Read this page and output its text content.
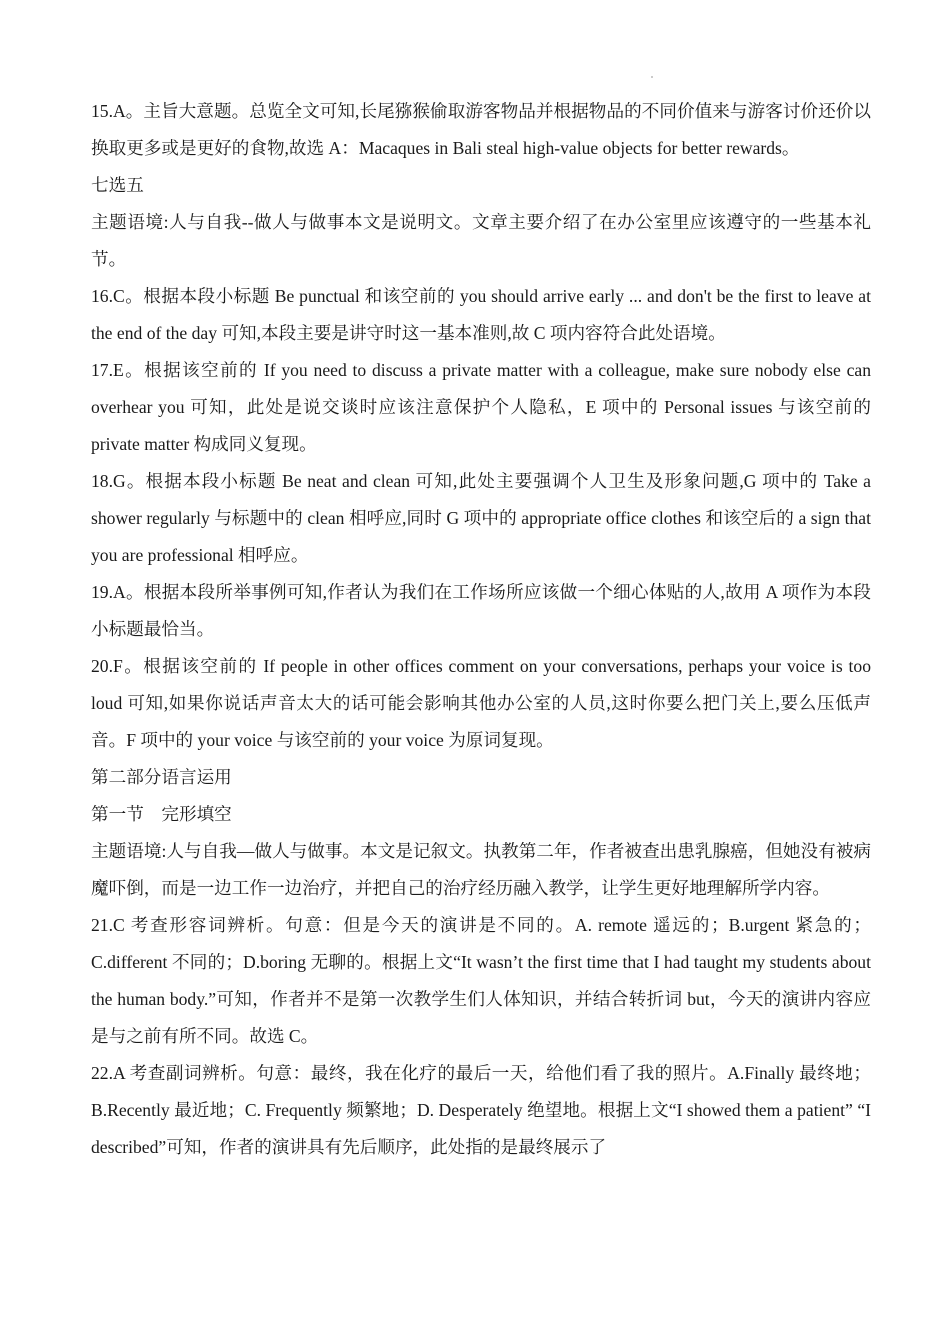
15.A。主旨大意题。总览全文可知,长尾猕猴偷取游客物品并根据物品的不同价值来与游客讨价还价以换取更多或是更好的食物,故选 A：Macaques in Bali steal high-value objects for better rewards。

七选五

主题语境:人与自我--做人与做事本文是说明文。文章主要介绍了在办公室里应该遵守的一些基本礼节。

16.C。根据本段小标题 Be punctual 和该空前的 you should arrive early ... and don't be the first to leave at the end of the day 可知,本段主要是讲守时这一基本准则,故 C 项内容符合此处语境。

17.E。根据该空前的 If you need to discuss a private matter with a colleague, make sure nobody else can overhear you 可知，此处是说交谈时应该注意保护个人隐私，E 项中的 Personal issues 与该空前的 private matter 构成同义复现。

18.G。根据本段小标题 Be neat and clean 可知,此处主要强调个人卫生及形象问题,G 项中的 Take a shower regularly 与标题中的 clean 相呼应,同时 G 项中的 appropriate office clothes 和该空后的 a sign that you are professional 相呼应。

19.A。根据本段所举事例可知,作者认为我们在工作场所应该做一个细心体贴的人,故用 A 项作为本段小标题最恰当。

20.F。根据该空前的 If people in other offices comment on your conversations, perhaps your voice is too loud 可知,如果你说话声音太大的话可能会影响其他办公室的人员,这时你要么把门关上,要么压低声音。F 项中的 your voice 与该空前的 your voice 为原词复现。

第二部分语言运用

第一节　完形填空

主题语境:人与自我—做人与做事。本文是记叙文。执教第二年，作者被查出患乳腺癌，但她没有被病魔吓倒，而是一边工作一边治疗，并把自己的治疗经历融入教学，让学生更好地理解所学内容。

21.C 考查形容词辨析。句意：但是今天的演讲是不同的。A. remote 遥远的；B.urgent 紧急的；C.different 不同的；D.boring 无聊的。根据上文“It wasn’t the first time that I had taught my students about the human body.”可知，作者并不是第一次教学生们人体知识，并结合转折词 but，今天的演讲内容应是与之前有所不同。故选 C。

22.A 考查副词辨析。句意：最终，我在化疗的最后一天，给他们看了我的照片。A.Finally 最终地；B.Recently 最近地；C. Frequently 频繁地；D. Desperately 绝望地。根据上文“I showed them a patient” “I described”可知，作者的演讲具有先后顺序，此处指的是最终展示了
